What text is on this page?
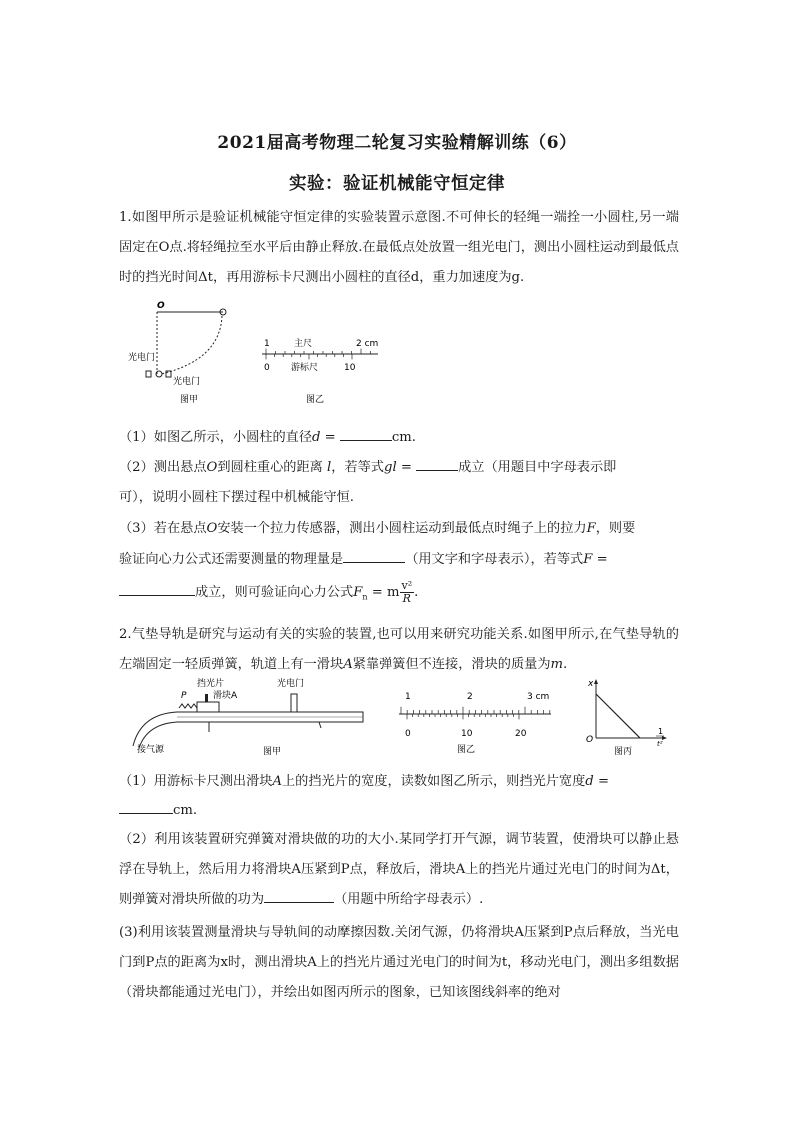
2021届高考物理二轮复习实验精解训练（6）
实验：验证机械能守恒定律
1.如图甲所示是验证机械能守恒定律的实验装置示意图.不可伸长的轻绳一端拴一小圆柱,另一端固定在O点.将轻绳拉至水平后由静止释放.在最低点处放置一组光电门，测出小圆柱运动到最低点时的挡光时间Δt，再用游标卡尺测出小圆柱的直径d，重力加速度为g.
O
光电门
光电门
图甲
1	主尺	2 cm
0 游标尺	10
图乙
（1）如图乙所示，小圆柱的直径d =	cm.
（2）测出悬点O到圆柱重心的距离 l，若等式gl =	成立（用题目中字母表示即
可），说明小圆柱下摆过程中机械能守恒.
（3）若在悬点O安装一个拉力传感器，测出小圆柱运动到最低点时绳子上的拉力F，则要
验证向心力公式还需要测量的物理量是	（用文字和字母表示），若等式F =
成立，则可验证向心力公式$F_n = m \frac{\text{v²}}{R}$ .
2.气垫导轨是研究与运动有关的实验的装置,也可以用来研究功能关系.如图甲所示,在气垫导轨的左端固定一轻质弹簧，轨道上有一滑块A紧靠弹簧但不连接，滑块的质量为m.
挡光片	光电门
P	滑块A
接气源	图甲
1	2	3 cm
0	10	20
图乙
x
O
1
t²
图丙
（1）用游标卡尺测出滑块A上的挡光片的宽度，读数如图乙所示，则挡光片宽度d =
cm.
（2）利用该装置研究弹簧对滑块做的功的大小.某同学打开气源，调节装置，使滑块可以静止悬浮在导轨上，然后用力将滑块A压紧到P点，释放后，滑块A上的挡光片通过光电门的时间为Δt，则弹簧对滑块所做的功为	（用题中所给字母表示）.
(3)利用该装置测量滑块与导轨间的动摩擦因数.关闭气源，仍将滑块A压紧到P点后释放，当光电门到P点的距离为x时，测出滑块A上的挡光片通过光电门的时间为t，移动光电门，测出多组数据（滑块都能通过光电门），并绘出如图丙所示的图象，已知该图线斜率的绝对
